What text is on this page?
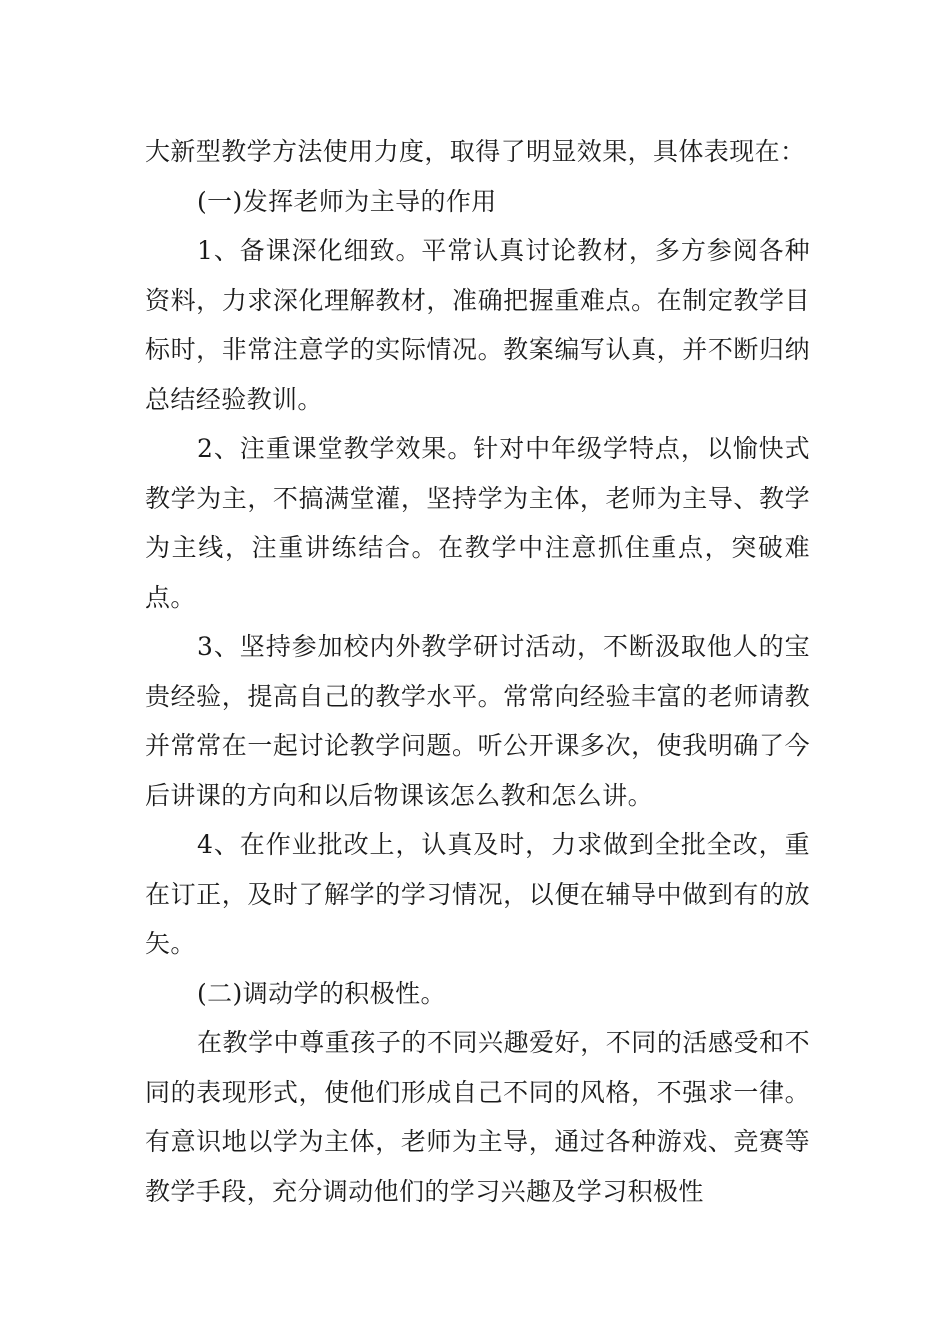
大新型教学方法使用力度，取得了明显效果，具体表现在：

(一)发挥老师为主导的作用

1、备课深化细致。平常认真讨论教材，多方参阅各种资料，力求深化理解教材，准确把握重难点。在制定教学目标时，非常注意学的实际情况。教案编写认真，并不断归纳总结经验教训。

2、注重课堂教学效果。针对中年级学特点，以愉快式教学为主，不搞满堂灌，坚持学为主体，老师为主导、教学为主线，注重讲练结合。在教学中注意抓住重点，突破难点。

3、坚持参加校内外教学研讨活动，不断汲取他人的宝贵经验，提高自己的教学水平。常常向经验丰富的老师请教并常常在一起讨论教学问题。听公开课多次，使我明确了今后讲课的方向和以后物课该怎么教和怎么讲。

4、在作业批改上，认真及时，力求做到全批全改，重在订正，及时了解学的学习情况，以便在辅导中做到有的放矢。

(二)调动学的积极性。

在教学中尊重孩子的不同兴趣爱好，不同的活感受和不同的表现形式，使他们形成自己不同的风格，不强求一律。有意识地以学为主体，老师为主导，通过各种游戏、竞赛等教学手段，充分调动他们的学习兴趣及学习积极性
